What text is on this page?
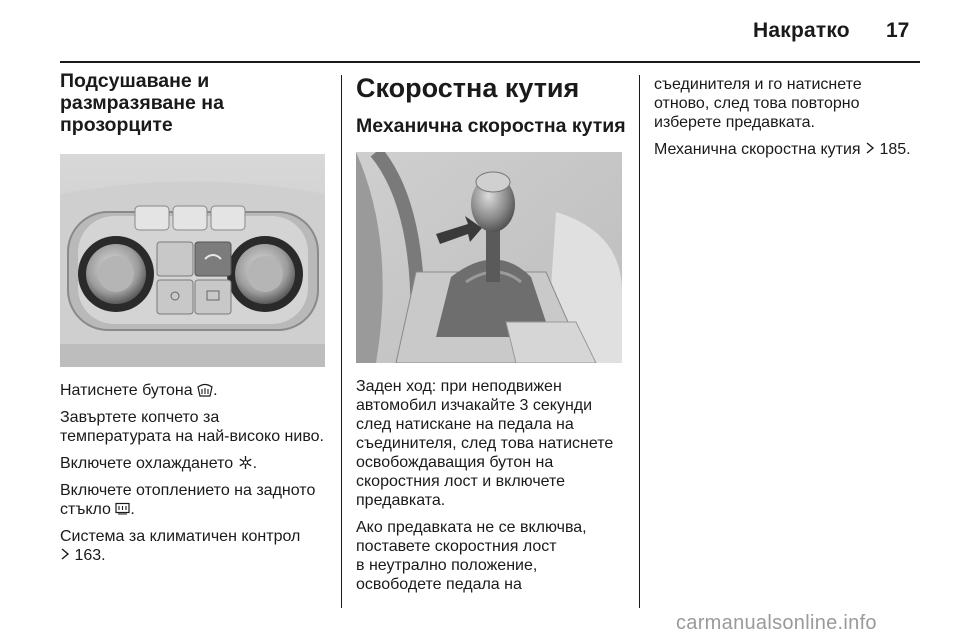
Накратко 17
Подсушаване и размразяване на прозорците

Натиснете бутона .

Завъртете копчето за
температурата на най-високо ниво.

Включете охлаждането .

Включете отоплението на задното
стъкло .

Система за климатичен контрол
163.

Скоростна кутия
Механична скоростна кутия

Заден ход: при неподвижен
автомобил изчакайте 3 секунди
след натискане на педала на
съединителя, след това натиснете
освобождаващия бутон на
скоростния лост и включете
предавката.

Ако предавката не се включва,
поставете скоростния лост
в неутрално положение,
освободете педала на

съединителя и го натиснете
отново, след това повторно
изберете предавката.

Механична скоростна кутия 185.

carmanualsonline.info
